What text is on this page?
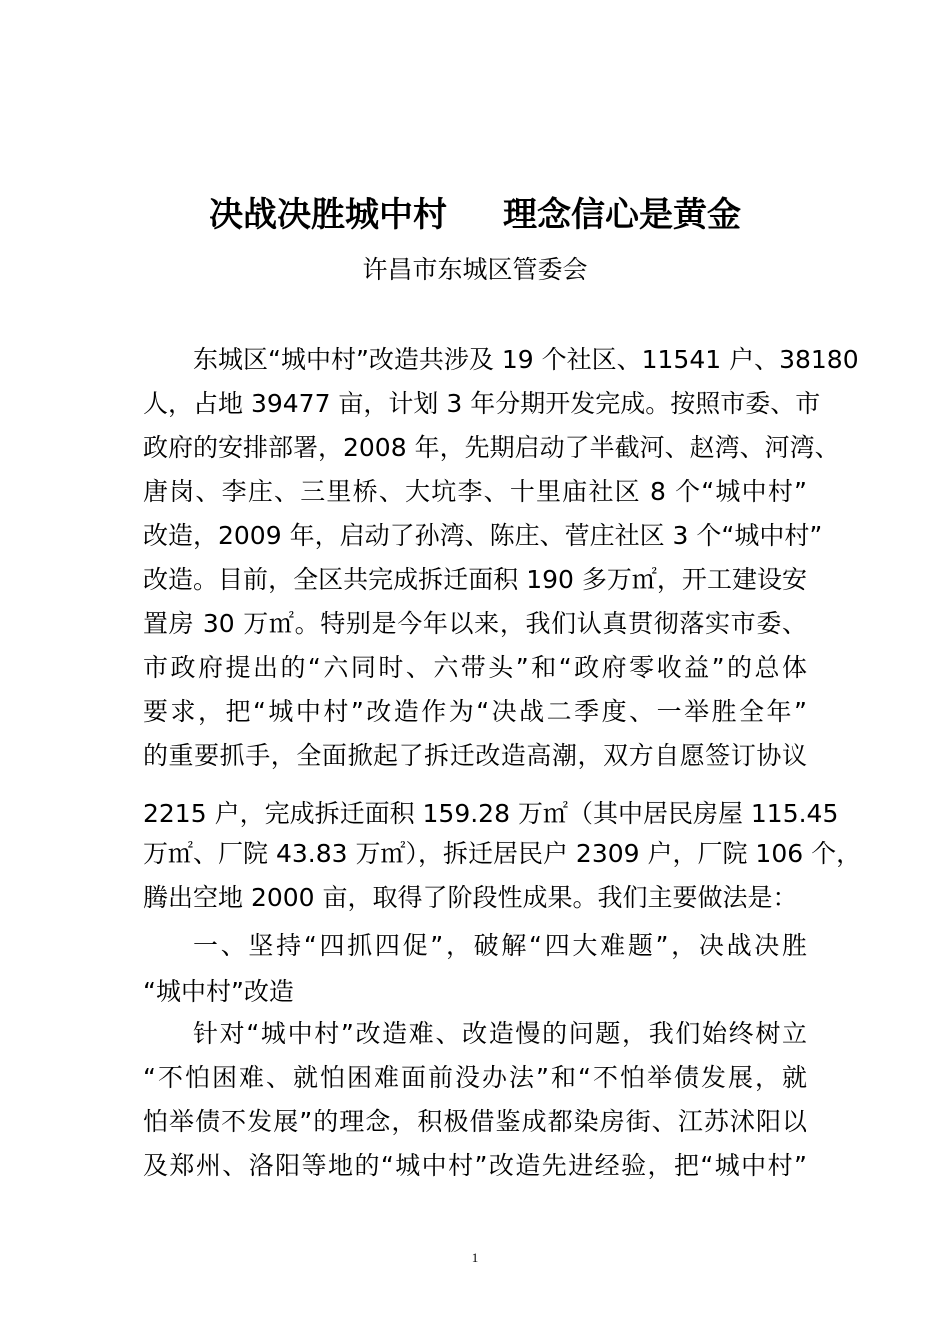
决战决胜城中村 理念信心是黄金
许昌市东城区管委会
东城区“城中村”改造共涉及 19 个社区、11541 户、38180
人，占地 39477 亩，计划 3 年分期开发完成。按照市委、市
政府的安排部署，2008 年，先期启动了半截河、赵湾、河湾、
唐岗、李庄、三里桥、大坑李、十里庙社区 8 个“城中村”
改造，2009 年，启动了孙湾、陈庄、菅庄社区 3 个“城中村”
改造。目前，全区共完成拆迁面积 190 多万㎡，开工建设安
置房 30 万㎡。特别是今年以来，我们认真贯彻落实市委、
市政府提出的“六同时、六带头”和“政府零收益”的总体
要求，把“城中村”改造作为“决战二季度、一举胜全年”
的重要抓手，全面掀起了拆迁改造高潮，双方自愿签订协议
2215 户，完成拆迁面积 159.28 万㎡（其中居民房屋 115.45
万㎡、厂院 43.83 万㎡），拆迁居民户 2309 户，厂院 106 个，
腾出空地 2000 亩，取得了阶段性成果。我们主要做法是：
一、坚持“四抓四促”，破解“四大难题”，决战决胜
“城中村”改造
针对“城中村”改造难、改造慢的问题，我们始终树立
“不怕困难、就怕困难面前没办法”和“不怕举债发展，就
怕举债不发展”的理念，积极借鉴成都染房街、江苏沭阳以
及郑州、洛阳等地的“城中村”改造先进经验，把“城中村”
1
